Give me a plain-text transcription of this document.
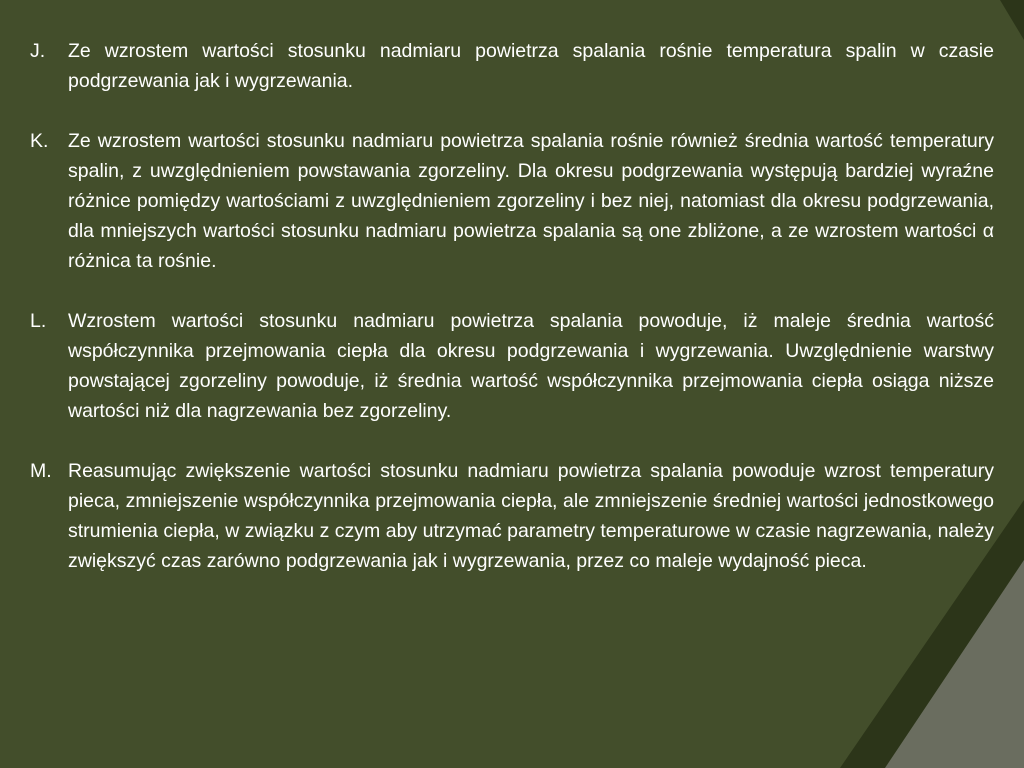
J.	Ze wzrostem wartości stosunku nadmiaru powietrza spalania rośnie temperatura spalin w czasie podgrzewania jak i wygrzewania.
K.	Ze wzrostem wartości stosunku nadmiaru powietrza spalania rośnie również średnia wartość temperatury spalin, z uwzględnieniem powstawania zgorzeliny. Dla okresu podgrzewania występują bardziej wyraźne różnice pomiędzy wartościami z uwzględnieniem zgorzeliny i bez niej, natomiast dla okresu podgrzewania, dla mniejszych wartości stosunku nadmiaru powietrza spalania są one zbliżone, a ze wzrostem wartości α różnica ta rośnie.
L.	Wzrostem wartości stosunku nadmiaru powietrza spalania powoduje, iż maleje średnia wartość współczynnika przejmowania ciepła dla okresu podgrzewania i wygrzewania. Uwzględnienie warstwy powstającej zgorzeliny powoduje, iż średnia wartość współczynnika przejmowania ciepła osiąga niższe wartości niż dla nagrzewania bez zgorzeliny.
M. Reasumując zwiększenie wartości stosunku nadmiaru powietrza spalania powoduje wzrost temperatury pieca, zmniejszenie współczynnika przejmowania ciepła, ale zmniejszenie średniej wartości jednostkowego strumienia ciepła, w związku z czym aby utrzymać parametry temperaturowe w czasie nagrzewania, należy zwiększyć czas zarówno podgrzewania jak i wygrzewania, przez co maleje wydajność pieca.
